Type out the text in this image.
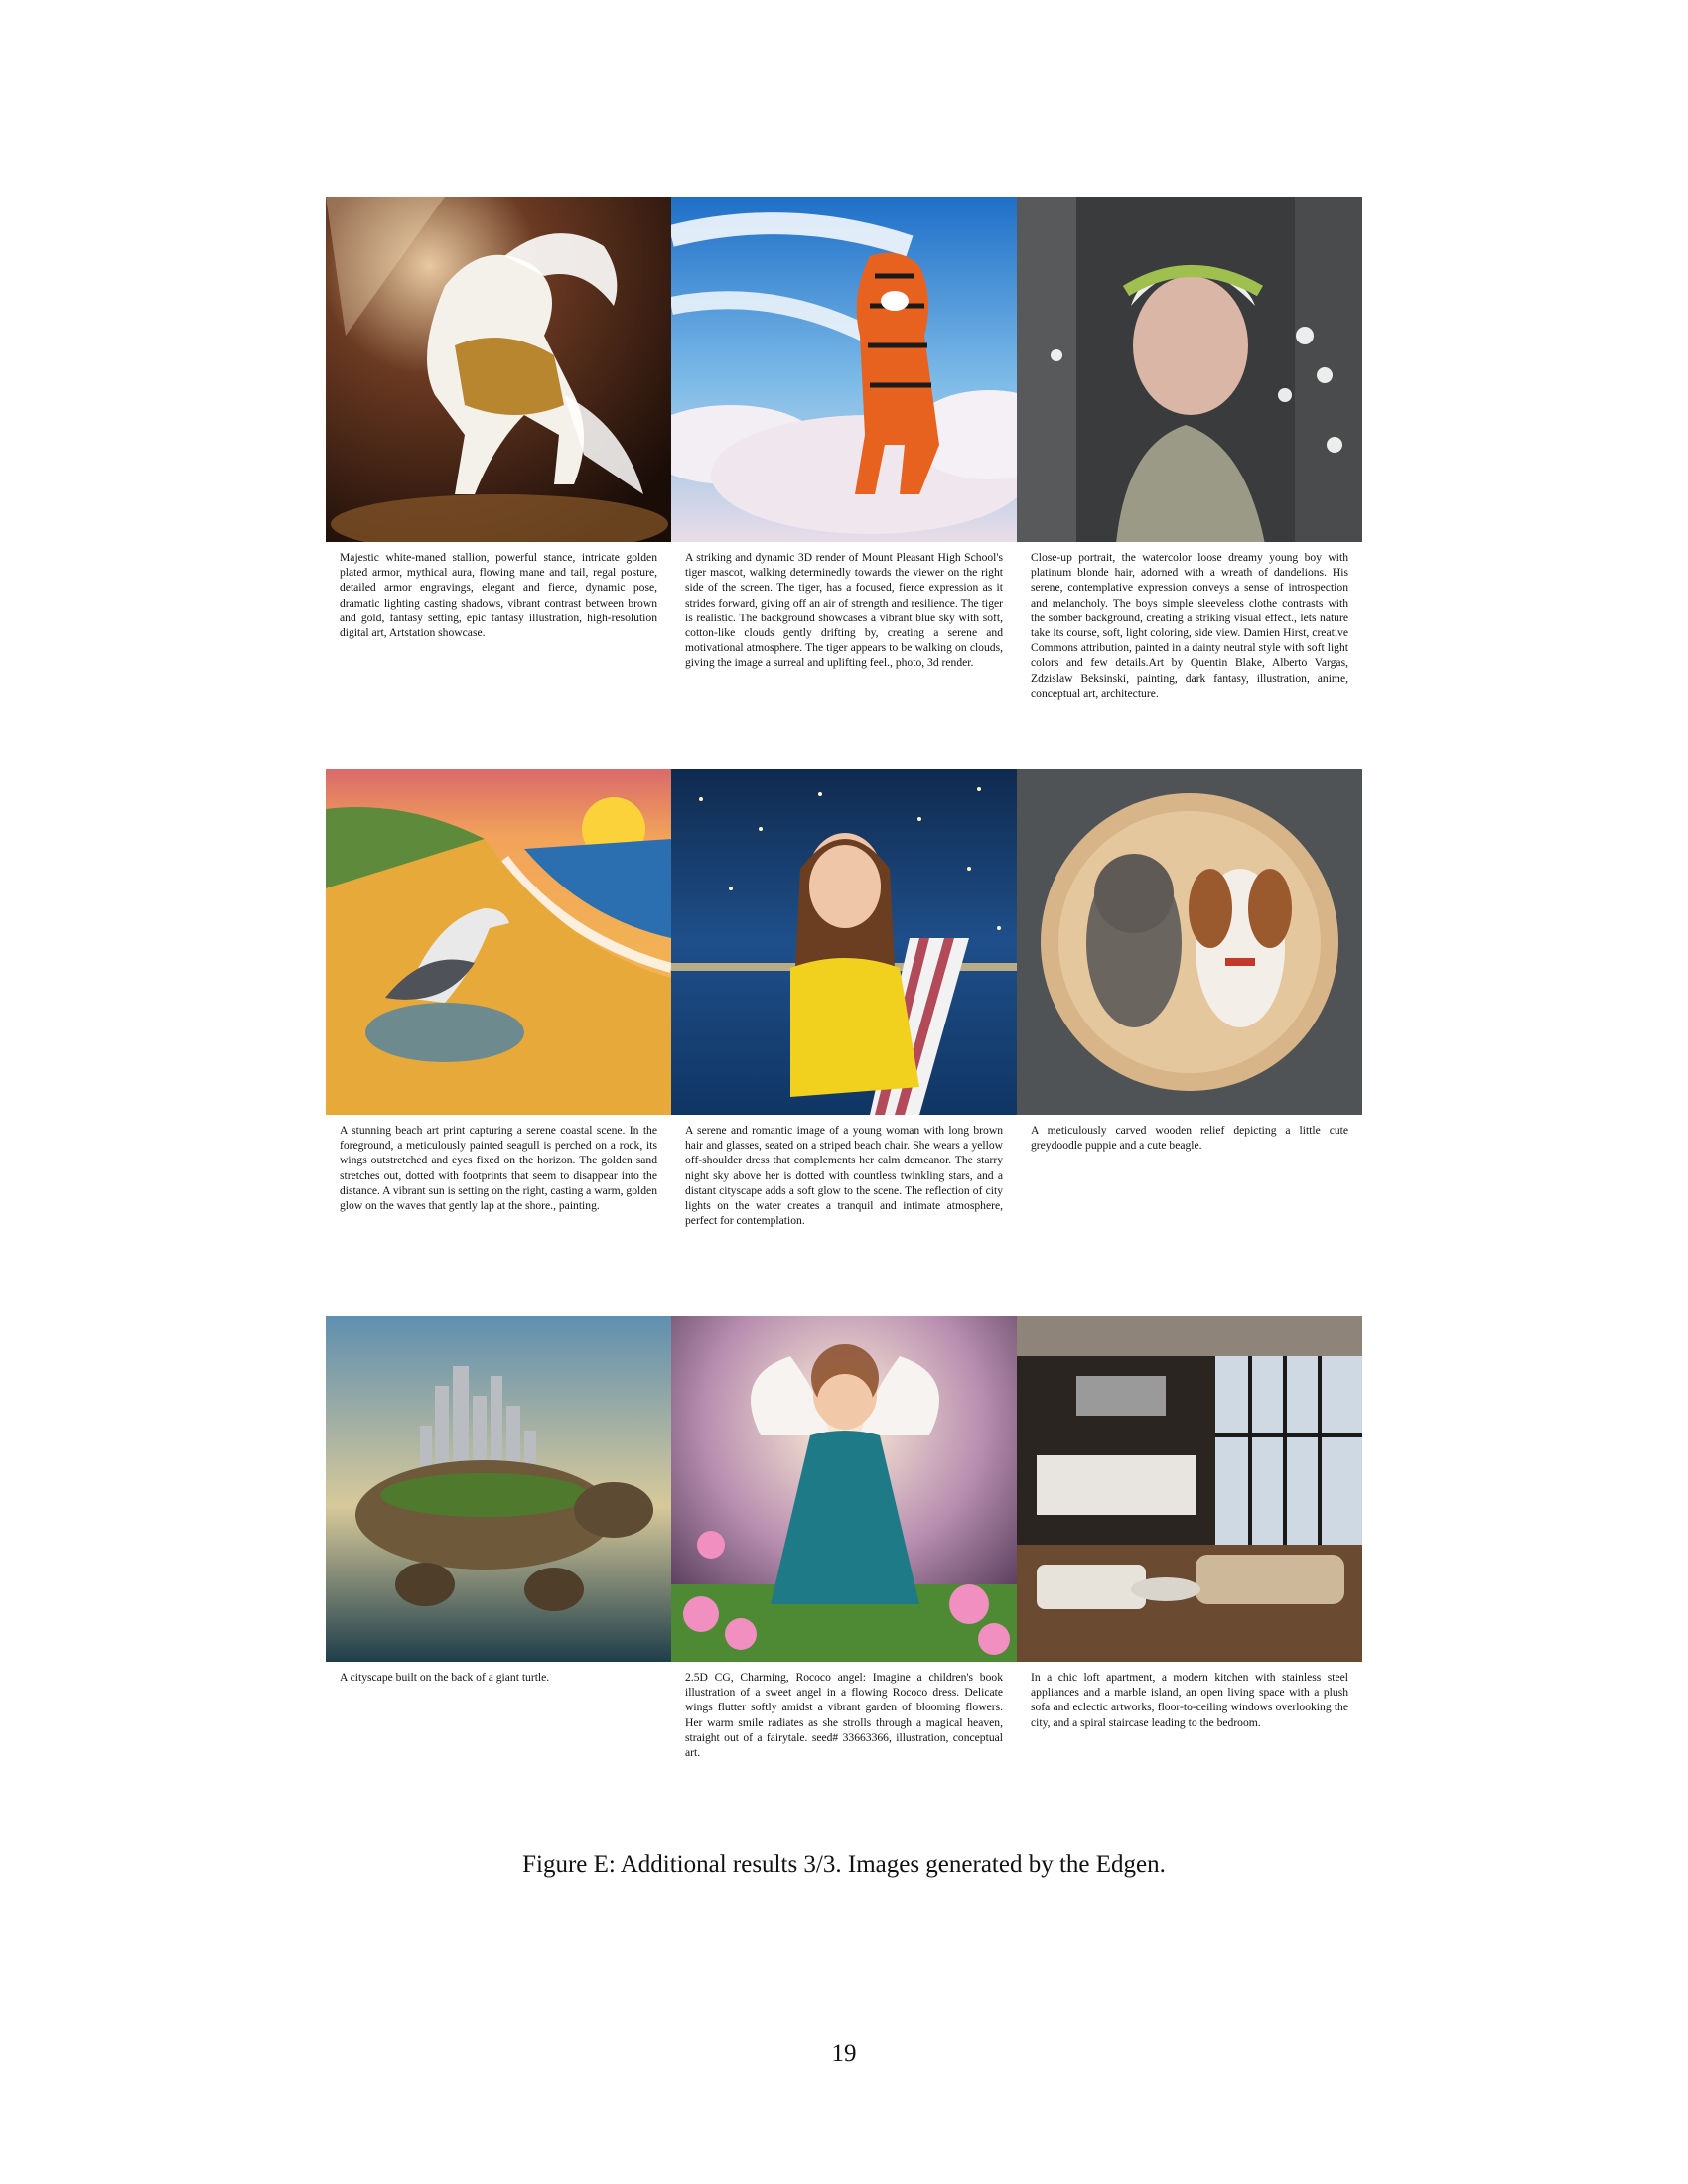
Majestic white-maned stallion, powerful stance, intricate golden plated armor, mythical aura, flowing mane and tail, regal posture, detailed armor engravings, elegant and fierce, dynamic pose, dramatic lighting casting shadows, vibrant contrast between brown and gold, fantasy setting, epic fantasy illustration, high-resolution digital art, Artstation showcase.
A striking and dynamic 3D render of Mount Pleasant High School's tiger mascot, walking determinedly towards the viewer on the right side of the screen. The tiger, has a focused, fierce expression as it strides forward, giving off an air of strength and resilience. The tiger is realistic. The background showcases a vibrant blue sky with soft, cotton-like clouds gently drifting by, creating a serene and motivational atmosphere. The tiger appears to be walking on clouds, giving the image a surreal and uplifting feel., photo, 3d render.
Close-up portrait, the watercolor loose dreamy young boy with platinum blonde hair, adorned with a wreath of dandelions. His serene, contemplative expression conveys a sense of introspection and melancholy. The boys simple sleeveless clothe contrasts with the somber background, creating a striking visual effect., lets nature take its course, soft, light coloring, side view. Damien Hirst, creative Commons attribution, painted in a dainty neutral style with soft light colors and few details.Art by Quentin Blake, Alberto Vargas, Zdzislaw Beksinski, painting, dark fantasy, illustration, anime, conceptual art, architecture.
A stunning beach art print capturing a serene coastal scene. In the foreground, a meticulously painted seagull is perched on a rock, its wings outstretched and eyes fixed on the horizon. The golden sand stretches out, dotted with footprints that seem to disappear into the distance. A vibrant sun is setting on the right, casting a warm, golden glow on the waves that gently lap at the shore., painting.
A serene and romantic image of a young woman with long brown hair and glasses, seated on a striped beach chair. She wears a yellow off-shoulder dress that complements her calm demeanor. The starry night sky above her is dotted with countless twinkling stars, and a distant cityscape adds a soft glow to the scene. The reflection of city lights on the water creates a tranquil and intimate atmosphere, perfect for contemplation.
A meticulously carved wooden relief depicting a little cute greydoodle puppie and a cute beagle.
A cityscape built on the back of a giant turtle.	2.5D CG, Charming, Rococo angel: Imagine a children's book illustration of a sweet angel in a flowing Rococo dress. Delicate wings flutter softly amidst a vibrant garden of blooming flowers. Her warm smile radiates as she strolls through a magical heaven, straight out of a fairytale. seed# 33663366, illustration, conceptual art.
In a chic loft apartment, a modern kitchen with stainless steel appliances and a marble island, an open living space with a plush sofa and eclectic artworks, floor-to-ceiling windows overlooking the city, and a spiral staircase leading to the bedroom.
Figure E: Additional results 3/3. Images generated by the Edgen.
19
